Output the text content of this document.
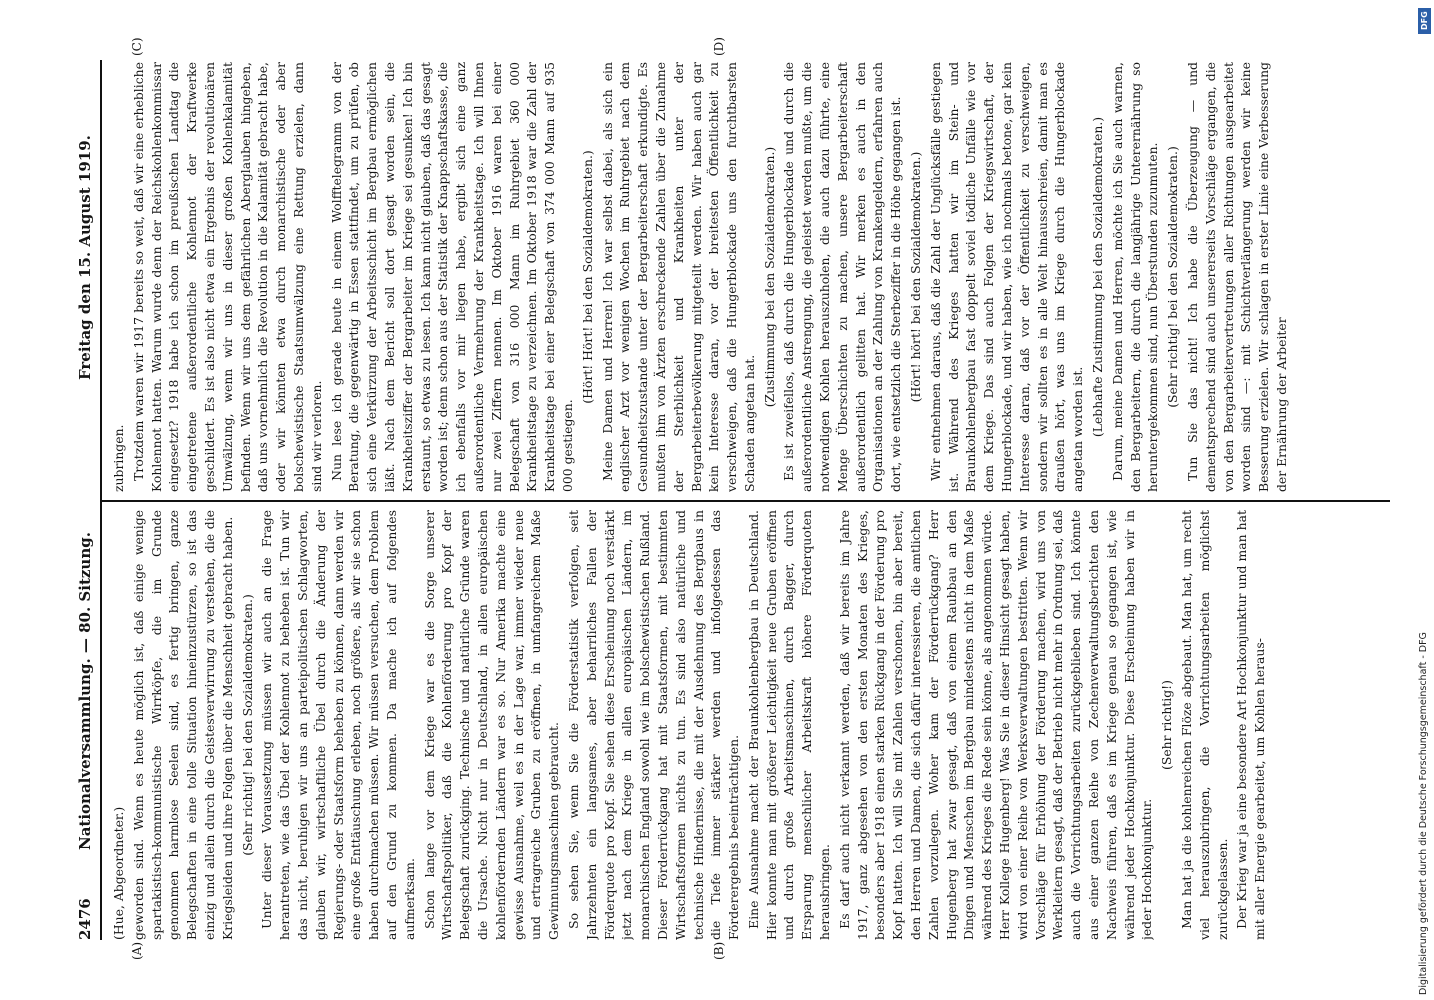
2476
Nationalversammlung. — 80. Sitzung.
Freitag den 15. August 1919.
(A)	(B)
(C)	(D)

(Hue, Abgeordneter.) geworden sind. Wenn es heute möglich ist, daß einige wenige spartakistisch-kommunistische Wirrköpfe, die im Grunde genommen harmlose Seelen sind, es fertig bringen, ganze Belegschaften in eine tolle Situation hineinzustürzen, so ist das einzig und allein durch die Geistesverwirrung zu verstehen, die die Kriegsleiden und ihre Folgen über die Menschheit gebracht haben. (Sehr richtig! bei den Sozialdemokraten.) Unter dieser Voraussetzung müssen wir auch an die Frage herantreten, wie das Übel der Kohlennot zu beheben ist. Tun wir das nicht, beruhigen wir uns an parteipolitischen Schlagworten, glauben wir, wirtschaftliche Übel durch die Änderung der Regierungs- oder Staatsform beheben zu können, dann werden wir eine große Enttäuschung erleben, noch größere, als wir sie schon haben durchmachen müssen. Wir müssen versuchen, dem Problem auf den Grund zu kommen. Da mache ich auf folgendes aufmerksam. Schon lange vor dem Kriege war es die Sorge unserer Wirtschaftspolitiker, daß die Kohlenförderung pro Kopf der Belegschaft zurückging. Technische und natürliche Gründe waren die Ursache. Nicht nur in Deutschland, in allen europäischen kohlenfördernden Ländern war es so. Nur Amerika machte eine gewisse Ausnahme, weil es in der Lage war, immer wieder neue und ertragreiche Gruben zu eröffnen, in umfangreichem Maße Gewinnungsmaschinen gebraucht. So sehen Sie, wenn Sie die Förderstatistik verfolgen, seit Jahrzehnten ein langsames, aber beharrliches Fallen der Förderquote pro Kopf. Sie sehen diese Erscheinung noch verstärkt jetzt nach dem Kriege in allen europäischen Ländern, im monarchischen England sowohl wie im bolschewistischen Rußland. Dieser Förderrückgang hat mit Staatsformen, mit bestimmten Wirtschaftsformen nichts zu tun. Es sind also natürliche und technische Hindernisse, die mit der Ausdehnung des Bergbaus in die Tiefe immer stärker werden und infolgedessen das Förderergebnis beeinträchtigen. Eine Ausnahme macht der Braunkohlenbergbau in Deutschland. Hier konnte man mit größerer Leichtigkeit neue Gruben eröffnen und durch große Arbeitsmaschinen, durch Bagger, durch Ersparung menschlicher Arbeitskraft höhere Förderquoten herausbringen. Es darf auch nicht verkannt werden, daß wir bereits im Jahre 1917, ganz abgesehen von den ersten Monaten des Krieges, besonders aber 1918 einen starken Rückgang in der Förderung pro Kopf hatten. Ich will Sie mit Zahlen verschonen, bin aber bereit, den Herren und Damen, die sich dafür interessieren, die amtlichen Zahlen vorzulegen. Woher kam der Förderrückgang? Herr Hugenberg hat zwar gesagt, daß von einem Raubbau an den Dingen und Menschen im Bergbau mindestens nicht in dem Maße während des Krieges die Rede sein könne, als angenommen würde. Herr Kollege Hugenberg! Was Sie in dieser Hinsicht gesagt haben, wird von einer Reihe von Werksverwaltungen bestritten. Wenn wir Vorschläge für Erhöhung der Förderung machen, wird uns von Werkleitern gesagt, daß der Betrieb nicht mehr in Ordnung sei, daß auch die Vorrichtungsarbeiten zurückgeblieben sind. Ich könnte aus einer ganzen Reihe von Zechenverwaltungsberichten den Nachweis führen, daß es im Kriege genau so gegangen ist, wie während jeder Hochkonjunktur. Diese Erscheinung haben wir in jeder Hochkonjunktur.

(Sehr richtig!) Man hat ja die kohlenreichen Flöze abgebaut. Man hat, um recht viel herauszubringen, die Vorrichtungsarbeiten möglichst zurückgelassen. Der Krieg war ja eine besondere Art Hochkonjunktur und man hat mit aller Energie gearbeitet, um Kohlen heraus-

zubringen. Trotzdem waren wir 1917 bereits so weit, daß wir eine erhebliche Kohlennot hatten. Warum wurde denn der Reichskohlenkommissar eingesetzt? 1918 habe ich schon im preußischen Landtag die eingetretene außerordentliche Kohlennot der Kraftwerke geschildert. Es ist also nicht etwa ein Ergebnis der revolutionären Umwälzung, wenn wir uns in dieser großen Kohlenkalamität befinden. Wenn wir uns dem gefährlichen Aberglauben hingeben, daß uns vornehmlich die Revolution in die Kalamität gebracht habe, oder wir könnten etwa durch monarchistische oder aber bolschewistische Staatsumwälzung eine Rettung erzielen, dann sind wir verloren. Nun lese ich gerade heute in einem Wolfftelegramm von der Beratung, die gegenwärtig in Essen stattfindet, um zu prüfen, ob sich eine Verkürzung der Arbeitsschicht im Bergbau ermöglichen läßt. Nach dem Bericht soll dort gesagt worden sein, die Krankheitsziffer der Bergarbeiter im Kriege sei gesunken! Ich bin erstaunt, so etwas zu lesen. Ich kann nicht glauben, daß das gesagt worden ist; denn schon aus der Statistik der Knappschaftskasse, die ich ebenfalls vor mir liegen habe, ergibt sich eine ganz außerordentliche Vermehrung der Krankheitstage. Ich will Ihnen nur zwei Ziffern nennen. Im Oktober 1916 waren bei einer Belegschaft von 316 000 Mann im Ruhrgebiet 360 000 Krankheitstage zu verzeichnen. Im Oktober 1918 war die Zahl der Krankheitstage bei einer Belegschaft von 374 000 Mann auf 935 000 gestiegen.

(Hört! Hört! bei den Sozialdemokraten.) Meine Damen und Herren! Ich war selbst dabei, als sich ein englischer Arzt vor wenigen Wochen im Ruhrgebiet nach dem Gesundheitszustande unter der Bergarbeiterschaft erkundigte. Es mußten ihm von Ärzten erschreckende Zahlen über die Zunahme der Sterblichkeit und Krankheiten unter der Bergarbeiterbevölkerung mitgeteilt werden. Wir haben auch gar kein Interesse daran, vor der breitesten Öffentlichkeit zu verschweigen, daß die Hungerblockade uns den furchtbarsten Schaden angetan hat.

(Zustimmung bei den Sozialdemokraten.) Es ist zweifellos, daß durch die Hungerblockade und durch die außerordentliche Anstrengung, die geleistet werden mußte, um die notwendigen Kohlen herauszuholen, die auch dazu führte, eine Menge Überschichten zu machen, unsere Bergarbeiterschaft außerordentlich gelitten hat. Wir merken es auch in den Organisationen an der Zahlung von Krankengeldern, erfahren auch dort, wie entsetzlich die Sterbeziffer in die Höhe gegangen ist. (Hört! hört! bei den Sozialdemokraten.) Wir entnehmen daraus, daß die Zahl der Unglücksfälle gestiegen ist. Während des Krieges hatten wir im Stein- und Braunkohlenbergbau fast doppelt soviel tödliche Unfälle wie vor dem Kriege. Das sind auch Folgen der Kriegswirtschaft, der Hungerblockade, und wir haben, wie ich nochmals betone, gar kein Interesse daran, daß vor der Öffentlichkeit zu verschweigen, sondern wir sollten es in alle Welt hinausschreien, damit man es draußen hört, was uns im Kriege durch die Hungerblockade angetan worden ist. (Lebhafte Zustimmung bei den Sozialdemokraten.) Darum, meine Damen und Herren, möchte ich Sie auch warnen, den Bergarbeitern, die durch die langjährige Unterernährung so heruntergekommen sind, nun Überstunden zuzumuten. (Sehr richtig! bei den Sozialdemokraten.) Tun Sie das nicht! Ich habe die Überzeugung — und dementsprechend sind auch unsererseits Vorschläge ergangen, die von den Bergarbeitervertretungen aller Richtungen ausgearbeitet worden sind —: mit Schichtverlängerung werden wir keine Besserung erzielen. Wir schlagen in erster Linie eine Verbesserung der Ernährung der Arbeiter

Digitalisierung gefördert durch die Deutsche Forschungsgemeinschaft - DFG
DFG
